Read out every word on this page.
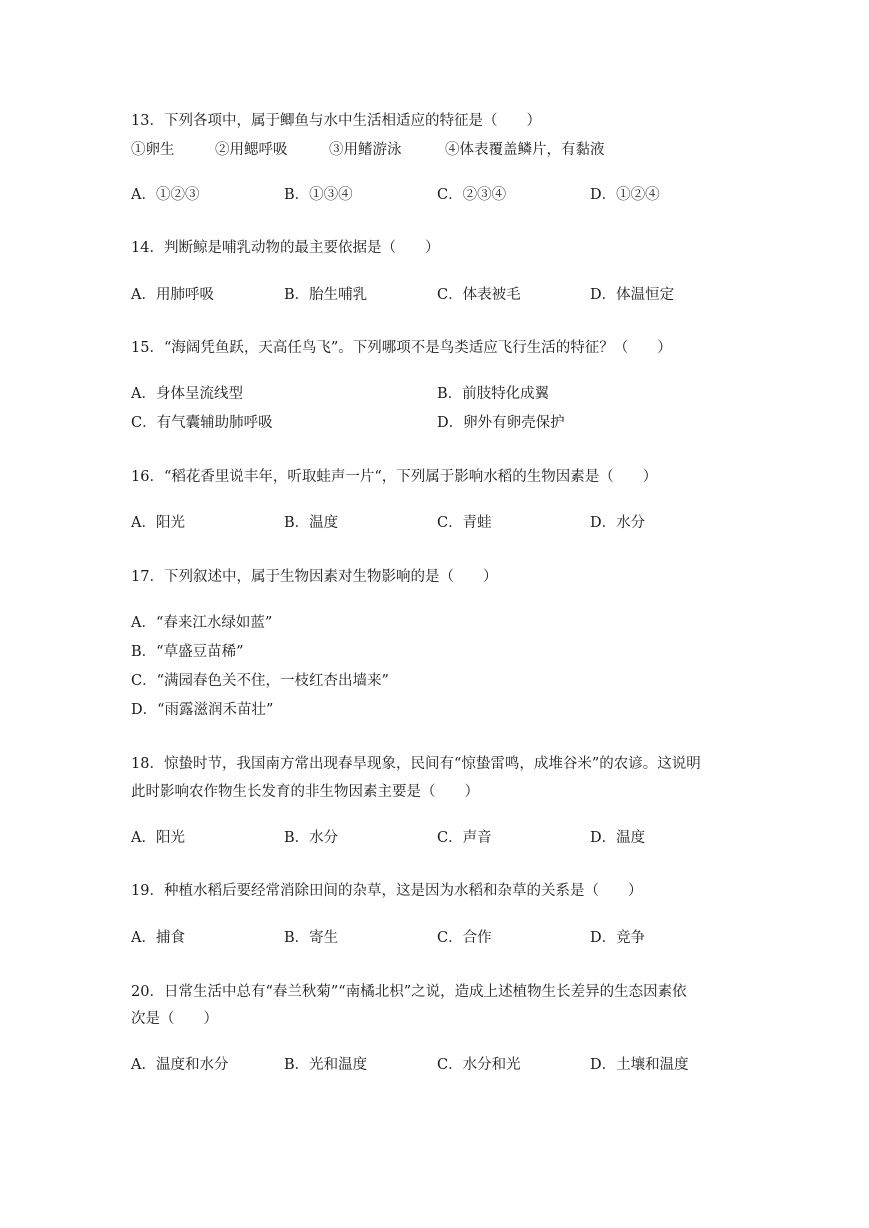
13．下列各项中，属于鲫鱼与水中生活相适应的特征是（　　）
①卵生	②用鳃呼吸	③用鳍游泳	④体表覆盖鳞片，有黏液
A．①②③	B．①③④	C．②③④	D．①②④
14．判断鲸是哺乳动物的最主要依据是（　　）
A．用肺呼吸	B．胎生哺乳	C．体表被毛	D．体温恒定
15．“海阔凭鱼跃，天高任鸟飞”。下列哪项不是鸟类适应飞行生活的特征？（　　）
A．身体呈流线型	B．前肢特化成翼
C．有气囊辅助肺呼吸	D．卵外有卵壳保护
16．“稻花香里说丰年，听取蛙声一片“，下列属于影响水稻的生物因素是（　　）
A．阳光	B．温度	C．青蛙	D．水分
17．下列叙述中，属于生物因素对生物影响的是（　　）
A．“春来江水绿如蓝”
B．“草盛豆苗稀”
C．“满园春色关不住，一枝红杏出墙来”
D．“雨露滋润禾苗壮”
18．惊蛰时节，我国南方常出现春旱现象，民间有“惊蛰雷鸣，成堆谷米”的农谚。这说明
此时影响农作物生长发育的非生物因素主要是（　　）
A．阳光	B．水分	C．声音	D．温度
19．种植水稻后要经常消除田间的杂草，这是因为水稻和杂草的关系是（　　）
A．捕食	B．寄生	C．合作	D．竞争
20．日常生活中总有“春兰秋菊”“南橘北枳”之说，造成上述植物生长差异的生态因素依
次是（　　）
A．温度和水分	B．光和温度	C．水分和光	D．土壤和温度
